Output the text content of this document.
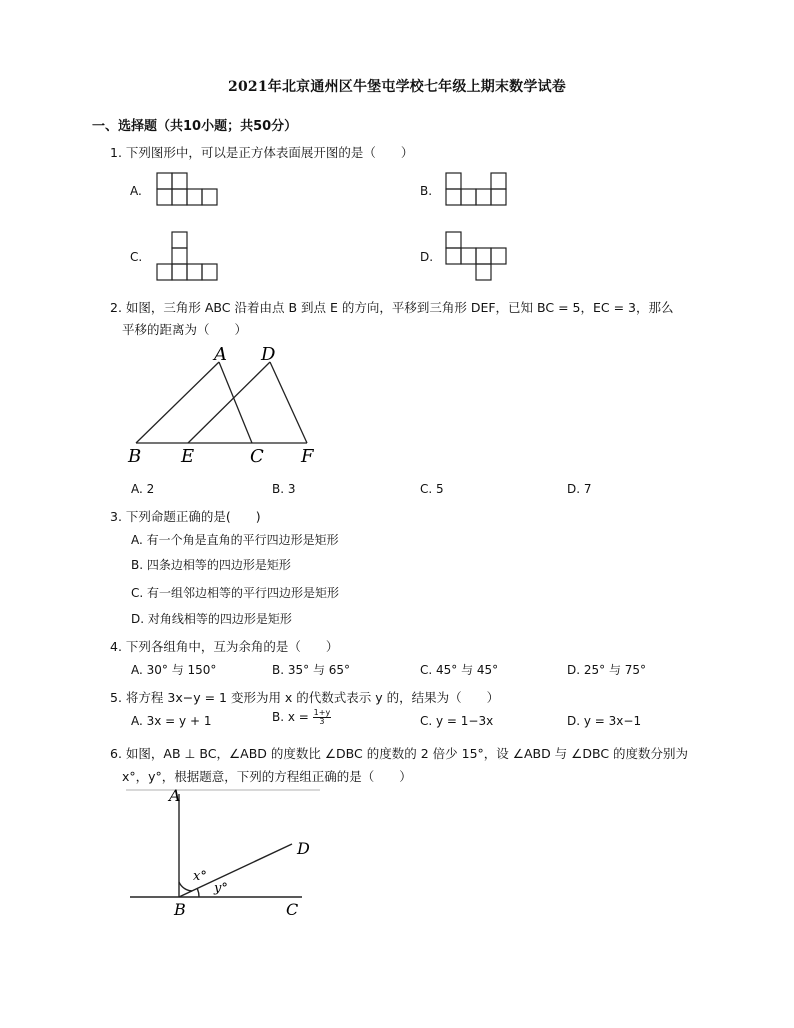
2021年北京通州区牛堡屯学校七年级上期末数学试卷
一、选择题（共10小题；共50分）
1. 下列图形中，可以是正方体表面展开图的是（　　）
A.	B.
C.	D.
2. 如图，三角形 ABC 沿着由点 B 到点 E 的方向，平移到三角形 DEF，已知 BC = 5，EC = 3，那么
平移的距离为（　　）
A D
B E	C F
A. 2	B. 3	C. 5	D. 7
3. 下列命题正确的是(　　)
A. 有一个角是直角的平行四边形是矩形
B. 四条边相等的四边形是矩形
C. 有一组邻边相等的平行四边形是矩形
D. 对角线相等的四边形是矩形
4. 下列各组角中，互为余角的是（　　）
A. 30° 与 150°	B. 35° 与 65°	C. 45° 与 45°	D. 25° 与 75°
5. 将方程 3x−y = 1 变形为用 x 的代数式表示 y 的，结果为（　　）
A. 3x = y + 1	B. $x = \frac{1+y}{3}$	C. y = 1−3x	D. y = 3x−1
6. 如图，AB ⊥ BC，∠ABD 的度数比 ∠DBC 的度数的 2 倍少 15°，设 ∠ABD 与 ∠DBC 的度数分别为
x°，y°，根据题意，下列的方程组正确的是（　　）
A
D
B	C
x°
y°
